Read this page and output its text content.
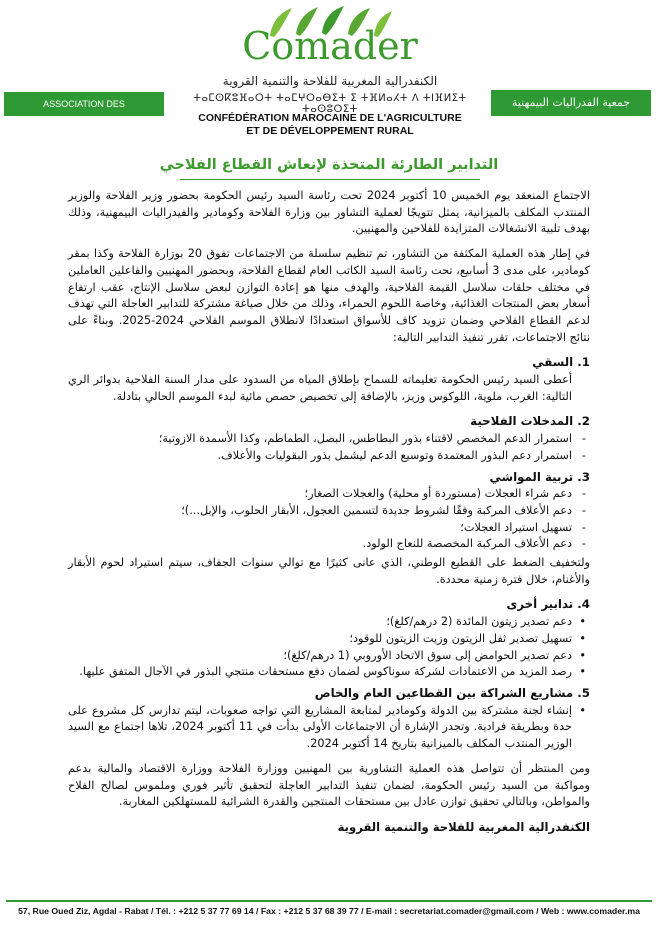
Comader
الكنفدرالية المغربية للفلاحة والتنمية القروية
ⵜⴰⵎⵙⴽⵓⴼⴰⵔⵜ ⵜⴰⵎⵖⵔⴰⴱⵉⵜ ⵉ ⵜⴼⵍⴰⵃⵜ ⴷ ⵜⵏⴼⵍⵉⵜ ⵜⴰⵙⵓⵔⵉⵜ
CONFÉDÉRATION MAROCAINE DE L'AGRICULTURE
ET DE DÉVELOPPEMENT RURAL
ASSOCIATION DES INTERPROFESSIONS
جمعية الفدراليات البيمهنية
التدابير الطارئة المتخذة لإنعاش القطاع الفلاحي

الاجتماع المنعقد يوم الخميس 10 أكتوبر 2024 تحت رئاسة السيد رئيس الحكومة بحضور وزير الفلاحة والوزير المنتدب المكلف بالميزانية، يمثل تتويجًا لعملية التشاور بين وزارة الفلاحة وكومادير والفيدراليات البيمهنية، وذلك بهدف تلبية الانشغالات المتزايدة للفلاحين والمهنيين.

في إطار هذه العملية المكثفة من التشاور، تم تنظيم سلسلة من الاجتماعات تفوق 20 بوزارة الفلاحة وكذا بمقر كومادير، على مدى 3 أسابيع، تحت رئاسة السيد الكاتب العام لقطاع الفلاحة، وبحضور المهنيين والفاعلين العاملين في مختلف حلقات سلاسل القيمة الفلاحية، والهدف منها هو إعادة التوازن لبعض سلاسل الإنتاج، عقب ارتفاع أسعار بعض المنتجات الغذائية، وخاصة اللحوم الحمراء، وذلك من خلال صياغة مشتركة للتدابير العاجلة التي تهدف لدعم القطاع الفلاحي وضمان تزويد كاف للأسواق استعدادًا لانطلاق الموسم الفلاحي 2024-2025. وبناءً على نتائج الاجتماعات، تقرر تنفيذ التدابير التالية:

1. السقي

أعطى السيد رئيس الحكومة تعليماته للسماح بإطلاق المياه من السدود على مدار السنة الفلاحية بدوائر الري التالية: الغرب، ملوية، اللوكوس وزيز، بالإضافة إلى تخصيص حصص مائية لبدء الموسم الحالي بتادلة.

2. المدخلات الفلاحية
- استمرار الدعم المخصص لاقتناء بذور البطاطس، البصل، الطماطم، وكذا الأسمدة الازوتية؛
- استمرار دعم البذور المعتمدة وتوسيع الدعم ليشمل بذور البقوليات والأعلاف.
3. تربية المواشي
- دعم شراء العجلات (مستوردة أو محلية) والعجلات الصغار؛
- دعم الأعلاف المركبة وفقًا لشروط جديدة لتسمين العجول، الأبقار الحلوب، والإبل...)؛
- تسهيل استيراد العجلات؛
- دعم الأعلاف المركبة المخصصة للنعاج الولود.

ولتخفيف الضغط على القطيع الوطني، الذي عانى كثيرًا مع توالي سنوات الجفاف، سيتم استيراد لحوم الأبقار والأغنام، خلال فترة زمنية محددة.

4. تدابير أخرى
• دعم تصدير زيتون المائدة (2 درهم/كلغ)؛
• تسهيل تصدير ثفل الزيتون وزيت الزيتون للوقود؛
• دعم تصدير الحوامض إلى سوق الاتحاد الأوروبي (1 درهم/كلغ)؛
• رصد المزيد من الاعتمادات لشركة سوناكوس لضمان دفع مستحقات منتجي البذور في الآجال المتفق عليها.
5. مشاريع الشراكة بين القطاعين العام والخاص
• إنشاء لجنة مشتركة بين الدولة وكومادير لمتابعة المشاريع التي تواجه صعوبات، ليتم تدارس كل مشروع على حدة وبطريقة فرادية. وتجدر الإشارة أن الاجتماعات الأولى بدأت في 11 أكتوبر 2024، تلاها اجتماع مع السيد الوزير المنتدب المكلف بالميزانية بتاريخ 14 أكتوبر 2024.

ومن المنتظر أن تتواصل هذه العملية التشاورية بين المهنيين ووزارة الفلاحة ووزارة الاقتصاد والمالية بدعم ومواكبة من السيد رئيس الحكومة، لضمان تنفيذ التدابير العاجلة لتحقيق تأثير فوري وملموس لصالح الفلاح والمواطن، وبالتالي تحقيق توازن عادل بين مستحقات المنتجين والقدرة الشرائية للمستهلكين المغاربة.

الكنفدرالية المغربية للفلاحة والتنمية القروية
57, Rue Oued Ziz, Agdal - Rabat / Tél. : +212 5 37 77 69 14 / Fax : +212 5 37 68 39 77 / E-mail : secretariat.comader@gmail.com / Web : www.comader.ma
